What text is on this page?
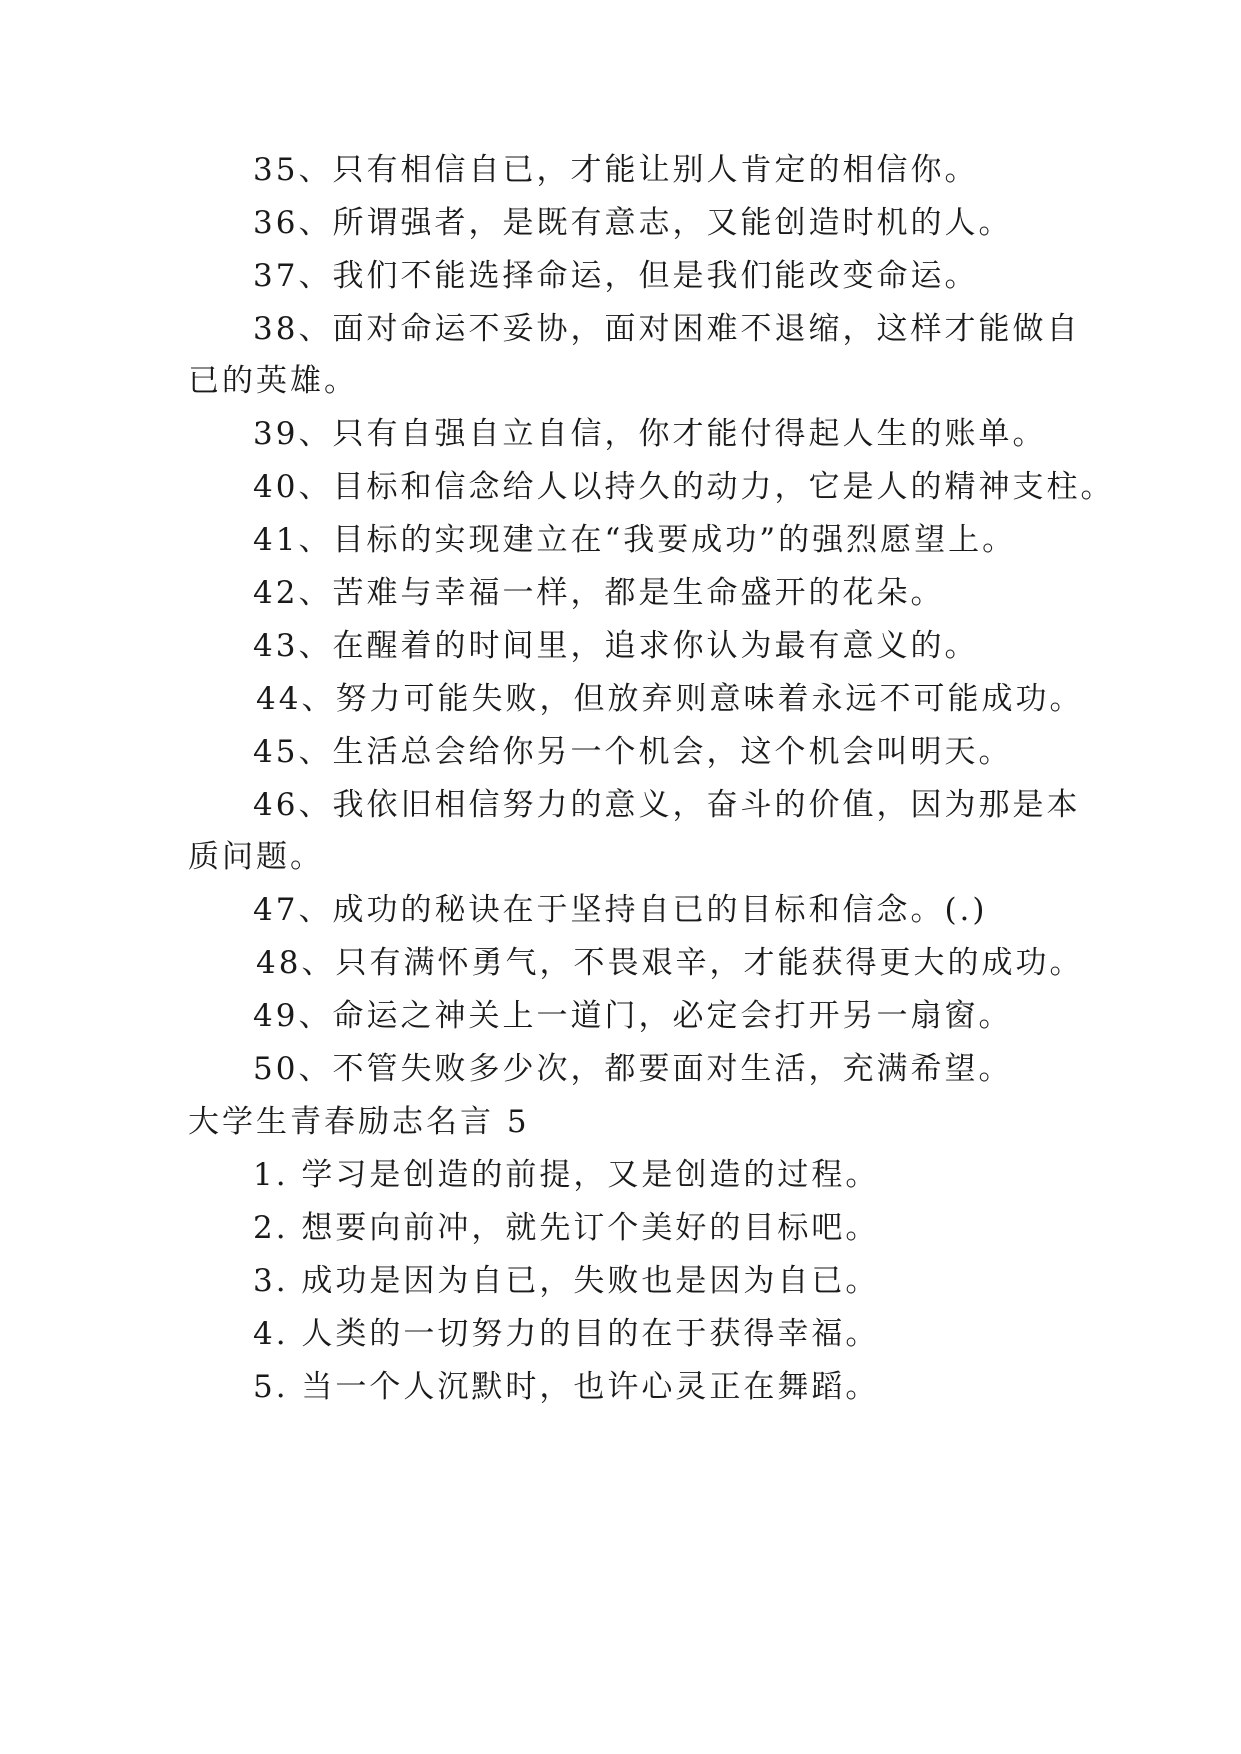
35、只有相信自已，才能让别人肯定的相信你。
36、所谓强者，是既有意志，又能创造时机的人。
37、我们不能选择命运，但是我们能改变命运。
38、面对命运不妥协，面对困难不退缩，这样才能做自
已的英雄。
39、只有自强自立自信，你才能付得起人生的账单。
40、目标和信念给人以持久的动力，它是人的精神支柱。
41、目标的实现建立在“我要成功”的强烈愿望上。
42、苦难与幸福一样，都是生命盛开的花朵。
43、在醒着的时间里，追求你认为最有意义的。
44、努力可能失败，但放弃则意味着永远不可能成功。
45、生活总会给你另一个机会，这个机会叫明天。
46、我依旧相信努力的意义，奋斗的价值，因为那是本
质问题。
47、成功的秘诀在于坚持自已的目标和信念。(.)
48、只有满怀勇气，不畏艰辛，才能获得更大的成功。
49、命运之神关上一道门，必定会打开另一扇窗。
50、不管失败多少次，都要面对生活，充满希望。
大学生青春励志名言 5
1. 学习是创造的前提，又是创造的过程。
2. 想要向前冲，就先订个美好的目标吧。
3. 成功是因为自已，失败也是因为自已。
4. 人类的一切努力的目的在于获得幸福。
5. 当一个人沉默时，也许心灵正在舞蹈。
